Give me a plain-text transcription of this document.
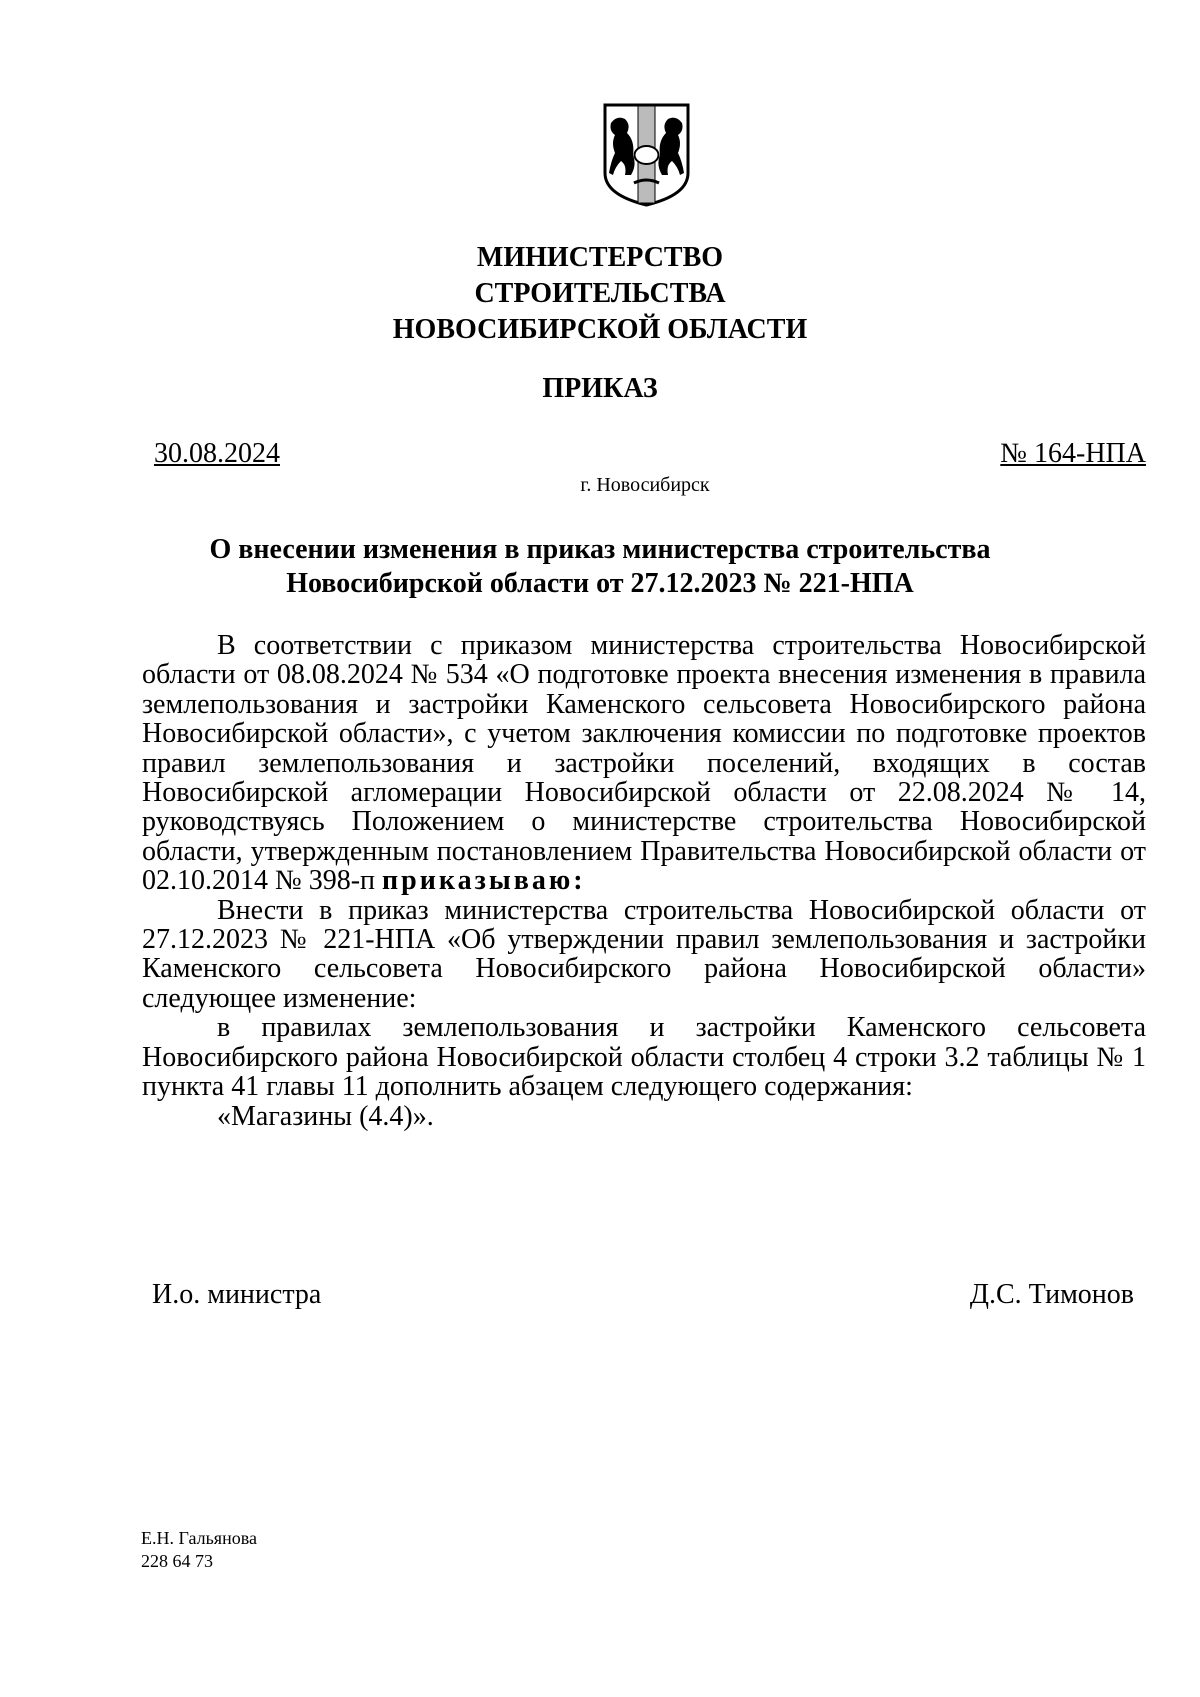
МИНИСТЕРСТВО
СТРОИТЕЛЬСТВА
НОВОСИБИРСКОЙ ОБЛАСТИ
ПРИКАЗ
30.08.2024	№ 164-НПА
г. Новосибирск
О внесении изменения в приказ министерства строительства
Новосибирской области от 27.12.2023 № 221-НПА

В соответствии с приказом министерства строительства Новосибирской области от 08.08.2024 № 534 «О подготовке проекта внесения изменения в правила землепользования и застройки Каменского сельсовета Новосибирского района Новосибирской области», с учетом заключения комиссии по подготовке проектов правил землепользования и застройки поселений, входящих в состав Новосибирской агломерации Новосибирской области от 22.08.2024 № 14, руководствуясь Положением о министерстве строительства Новосибирской области, утвержденным постановлением Правительства Новосибирской области от 02.10.2014 № 398-п приказываю:

Внести в приказ министерства строительства Новосибирской области от 27.12.2023 № 221-НПА «Об утверждении правил землепользования и застройки Каменского сельсовета Новосибирского района Новосибирской области» следующее изменение:

в правилах землепользования и застройки Каменского сельсовета Новосибирского района Новосибирской области столбец 4 строки 3.2 таблицы № 1 пункта 41 главы 11 дополнить абзацем следующего содержания:

«Магазины (4.4)».

И.о. министра	Д.С. Тимонов
Е.Н. Гальянова
228 64 73
